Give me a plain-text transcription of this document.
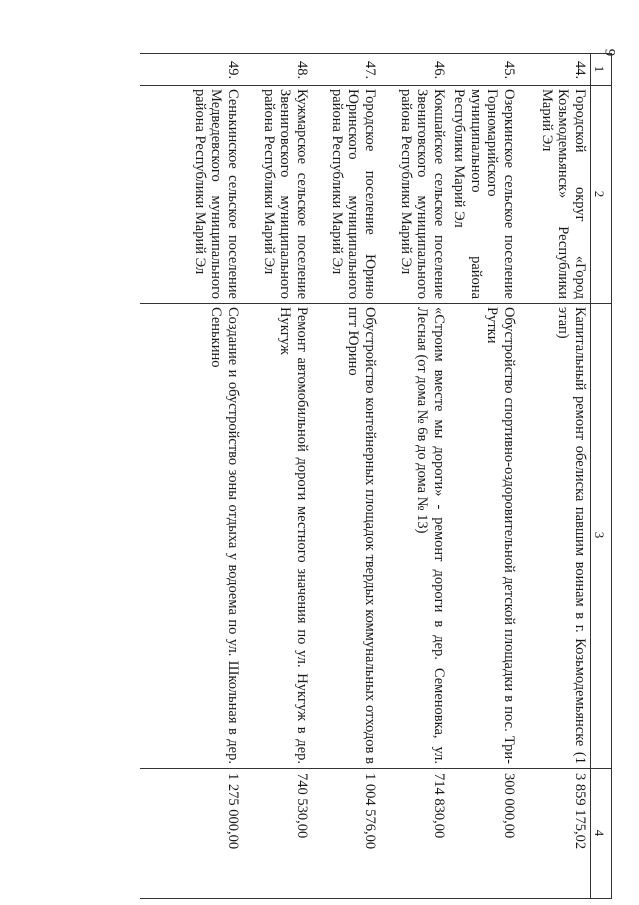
9
1
2
3
4
44.
Городской округ «Город Козьмодемьянск» Республики Марий Эл
Капитальный ремонт обелиска павшим воинам в г. Козьмодемьянске (1 этап)
3 859 175,02
45.
Озеркинское сельское поселение Горномарийского муниципального района Республики Марий Эл
Обустройство спортивно-оздоровительной детской площадки в пос. Три-Рутки
300 000,00
46.
Кокшайское сельское поселение Звениговского муниципального района Республики Марий Эл
«Строим вместе мы дороги» - ремонт дороги в дер. Семеновка, ул. Лесная (от дома № 6в до дома № 13)
714 830,00
47.
Городское поселение Юрино Юринского муниципального района Республики Марий Эл
Обустройство контейнерных площадок твердых коммунальных отходов в пгт Юрино
1 004 576,00
48.
Кужмарское сельское поселение Звениговского муниципального района Республики Марий Эл
Ремонт автомобильной дороги местного значения по ул. Нукгуж в дер. Нукгуж
740 530,00
49.
Сенькинское сельское поселение Медведевского муниципального района Республики Марий Эл
Создание и обустройство зоны отдыха у водоема по ул. Школьная в дер. Сенькино
1 275 000,00
